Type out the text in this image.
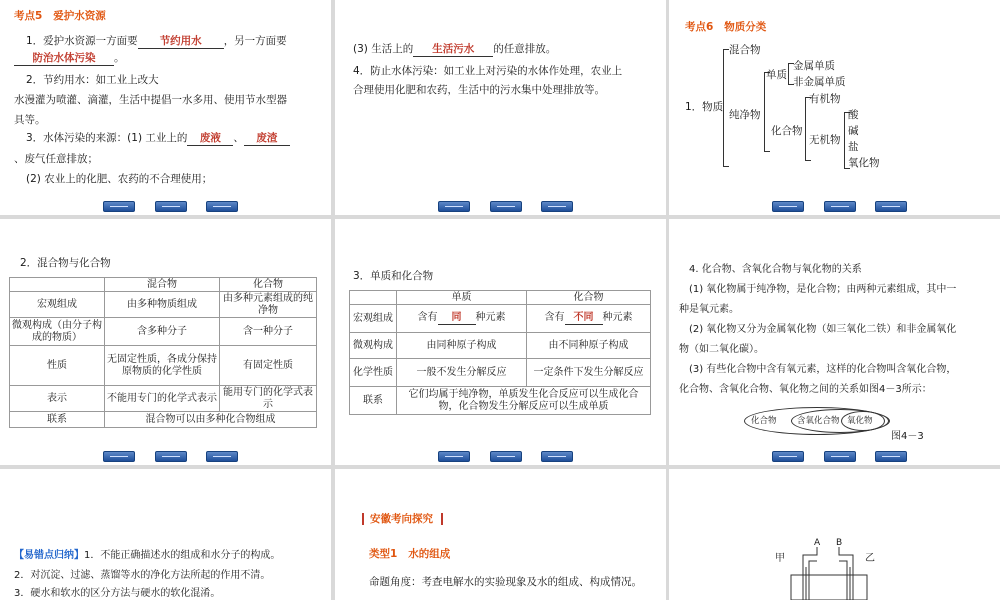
考点5 爱护水资源
1．爱护水资源一方面要 节约用水 ，另一方面要
防治水体污染 。
2．节约用水：如工业上改大
水漫灌为喷灌、滴灌，生活中提倡一水多用、使用节水型器
具等。
3．水体污染的来源：(1) 工业上的 废液 、 废渣
、废气任意排放；
(2) 农业上的化肥、农药的不合理使用；
(3) 生活上的 生活污水 的任意排放。
4．防止水体污染：如工业上对污染的水体作处理，农业上
合理使用化肥和农药，生活中的污水集中处理排放等。
考点6 物质分类
1．物质
混合物
纯净物
单质
金属单质
非金属单质
化合物
有机物
无机物
酸
碱
盐
氧化物
2．混合物与化合物
	混合物	化合物
宏观组成	由多种物质组成	由多种元素组成的纯净物
微观构成（由分子构成的物质）	含多种分子	含一种分子
性质	无固定性质，各成分保持原物质的化学性质	有固定性质
表示	不能用专门的化学式表示	能用专门的化学式表示
联系	混合物可以由多种化合物组成	
3．单质和化合物
	单质	化合物
宏观组成	含有 同 种元素	含有 不同 种元素
微观构成	由同种原子构成	由不同种原子构成
化学性质	一般不发生分解反应	一定条件下发生分解反应
联系	它们均属于纯净物，单质发生化合反应可以生成化合物，化合物发生分解反应可以生成单质	
4. 化合物、含氧化合物与氧化物的关系
(1) 氧化物属于纯净物，是化合物；由两种元素组成，其中一
种是氧元素。
(2) 氧化物又分为金属氧化物（如三氧化二铁）和非金属氧化
物（如二氧化碳）。
(3) 有些化合物中含有氧元素，这样的化合物叫含氧化合物，
化合物、含氧化合物、氧化物之间的关系如图4－3所示：
化合物 含氧化合物 氧化物
图4－3
【易错点归纳】1．不能正确描述水的组成和水分子的构成。
2．对沉淀、过滤、蒸馏等水的净化方法所起的作用不清。
3．硬水和软水的区分方法与硬水的软化混淆。
安徽考向探究
类型1 水的组成
命题角度：考查电解水的实验现象及水的组成、构成情况。
A B
甲	乙
